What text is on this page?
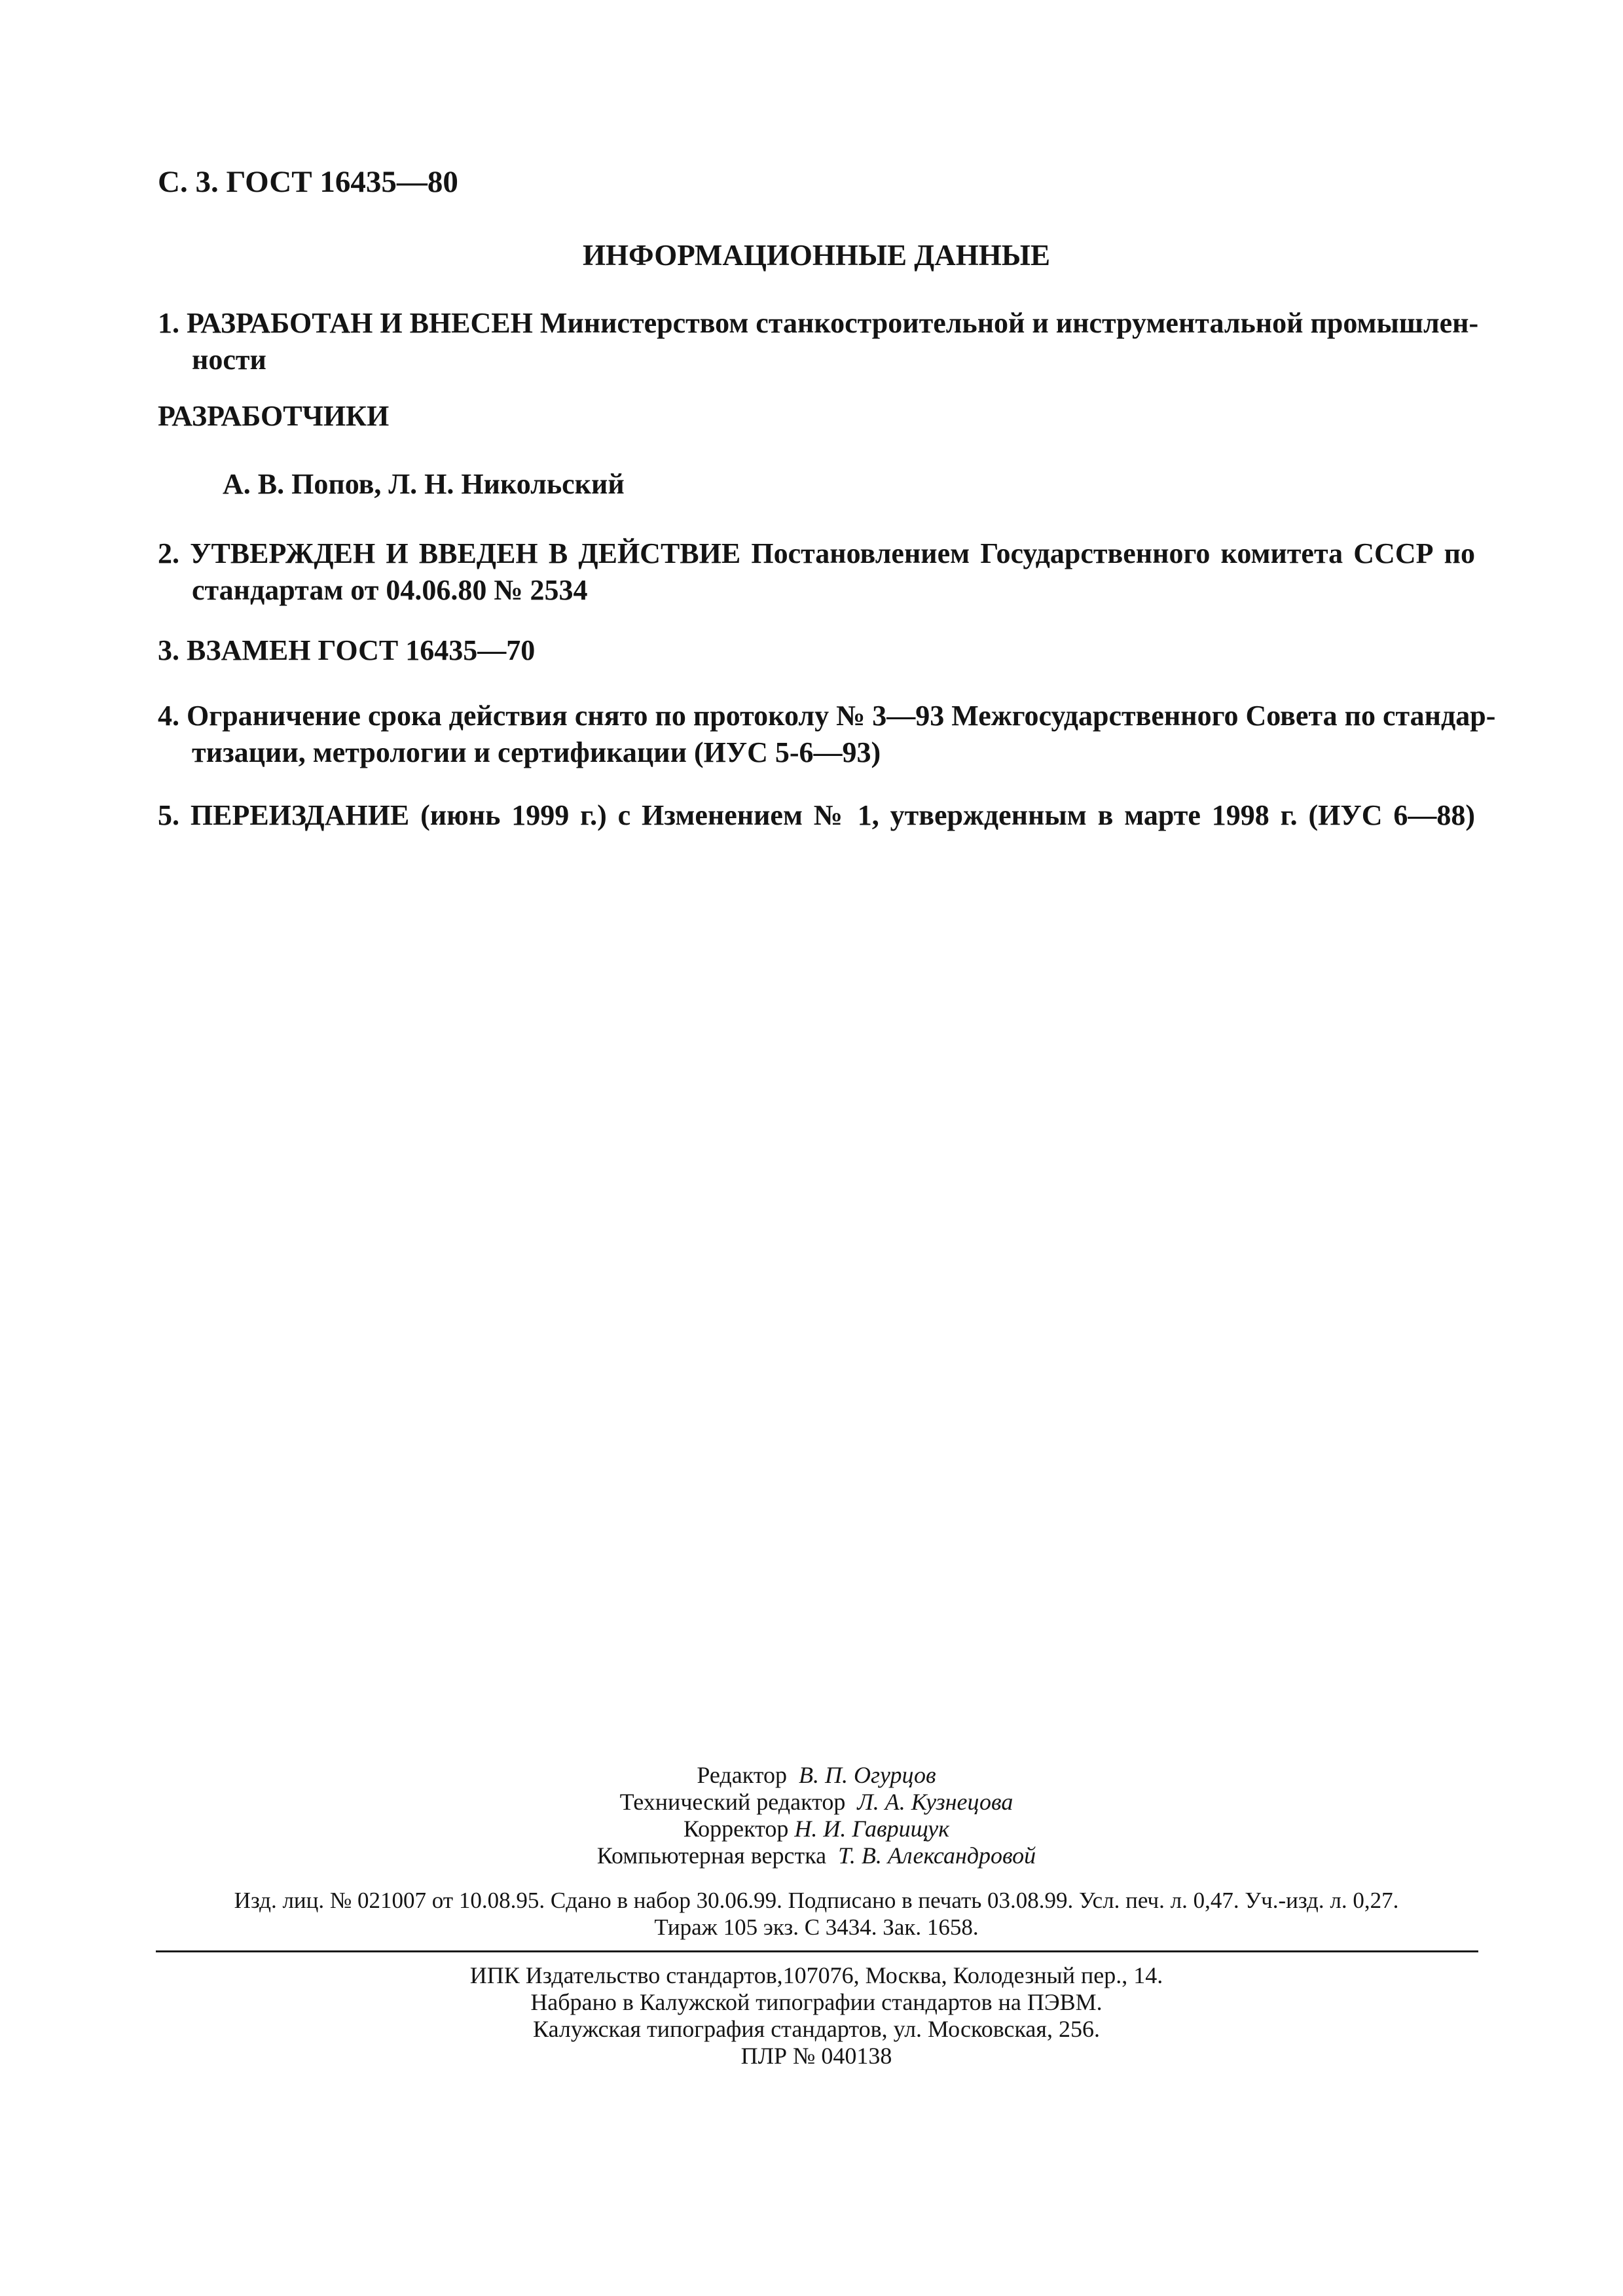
С. 3. ГОСТ 16435—80
ИНФОРМАЦИОННЫЕ ДАННЫЕ
1. РАЗРАБОТАН И ВНЕСЕН Министерством станкостроительной и инструментальной промышлен-
ности
РАЗРАБОТЧИКИ
А. В. Попов, Л. Н. Никольский
2. УТВЕРЖДЕН И ВВЕДЕН В ДЕЙСТВИЕ Постановлением Государственного комитета СССР по
стандартам от 04.06.80 № 2534
3. ВЗАМЕН ГОСТ 16435—70
4. Ограничение срока действия снято по протоколу № 3—93 Межгосударственного Совета по стандар-
тизации, метрологии и сертификации (ИУС 5-6—93)
5. ПЕРЕИЗДАНИЕ (июнь 1999 г.) с Изменением № 1, утвержденным в марте 1998 г. (ИУС 6—88)
Редактор В. П. Огурцов
Технический редактор Л. А. Кузнецова
Корректор Н. И. Гаврищук
Компьютерная верстка Т. В. Александровой
Изд. лиц. № 021007 от 10.08.95. Сдано в набор 30.06.99. Подписано в печать 03.08.99. Усл. печ. л. 0,47. Уч.-изд. л. 0,27.
Тираж 105 экз. С 3434. Зак. 1658.
ИПК Издательство стандартов,107076, Москва, Колодезный пер., 14.
Набрано в Калужской типографии стандартов на ПЭВМ.
Калужская типография стандартов, ул. Московская, 256.
ПЛР № 040138
